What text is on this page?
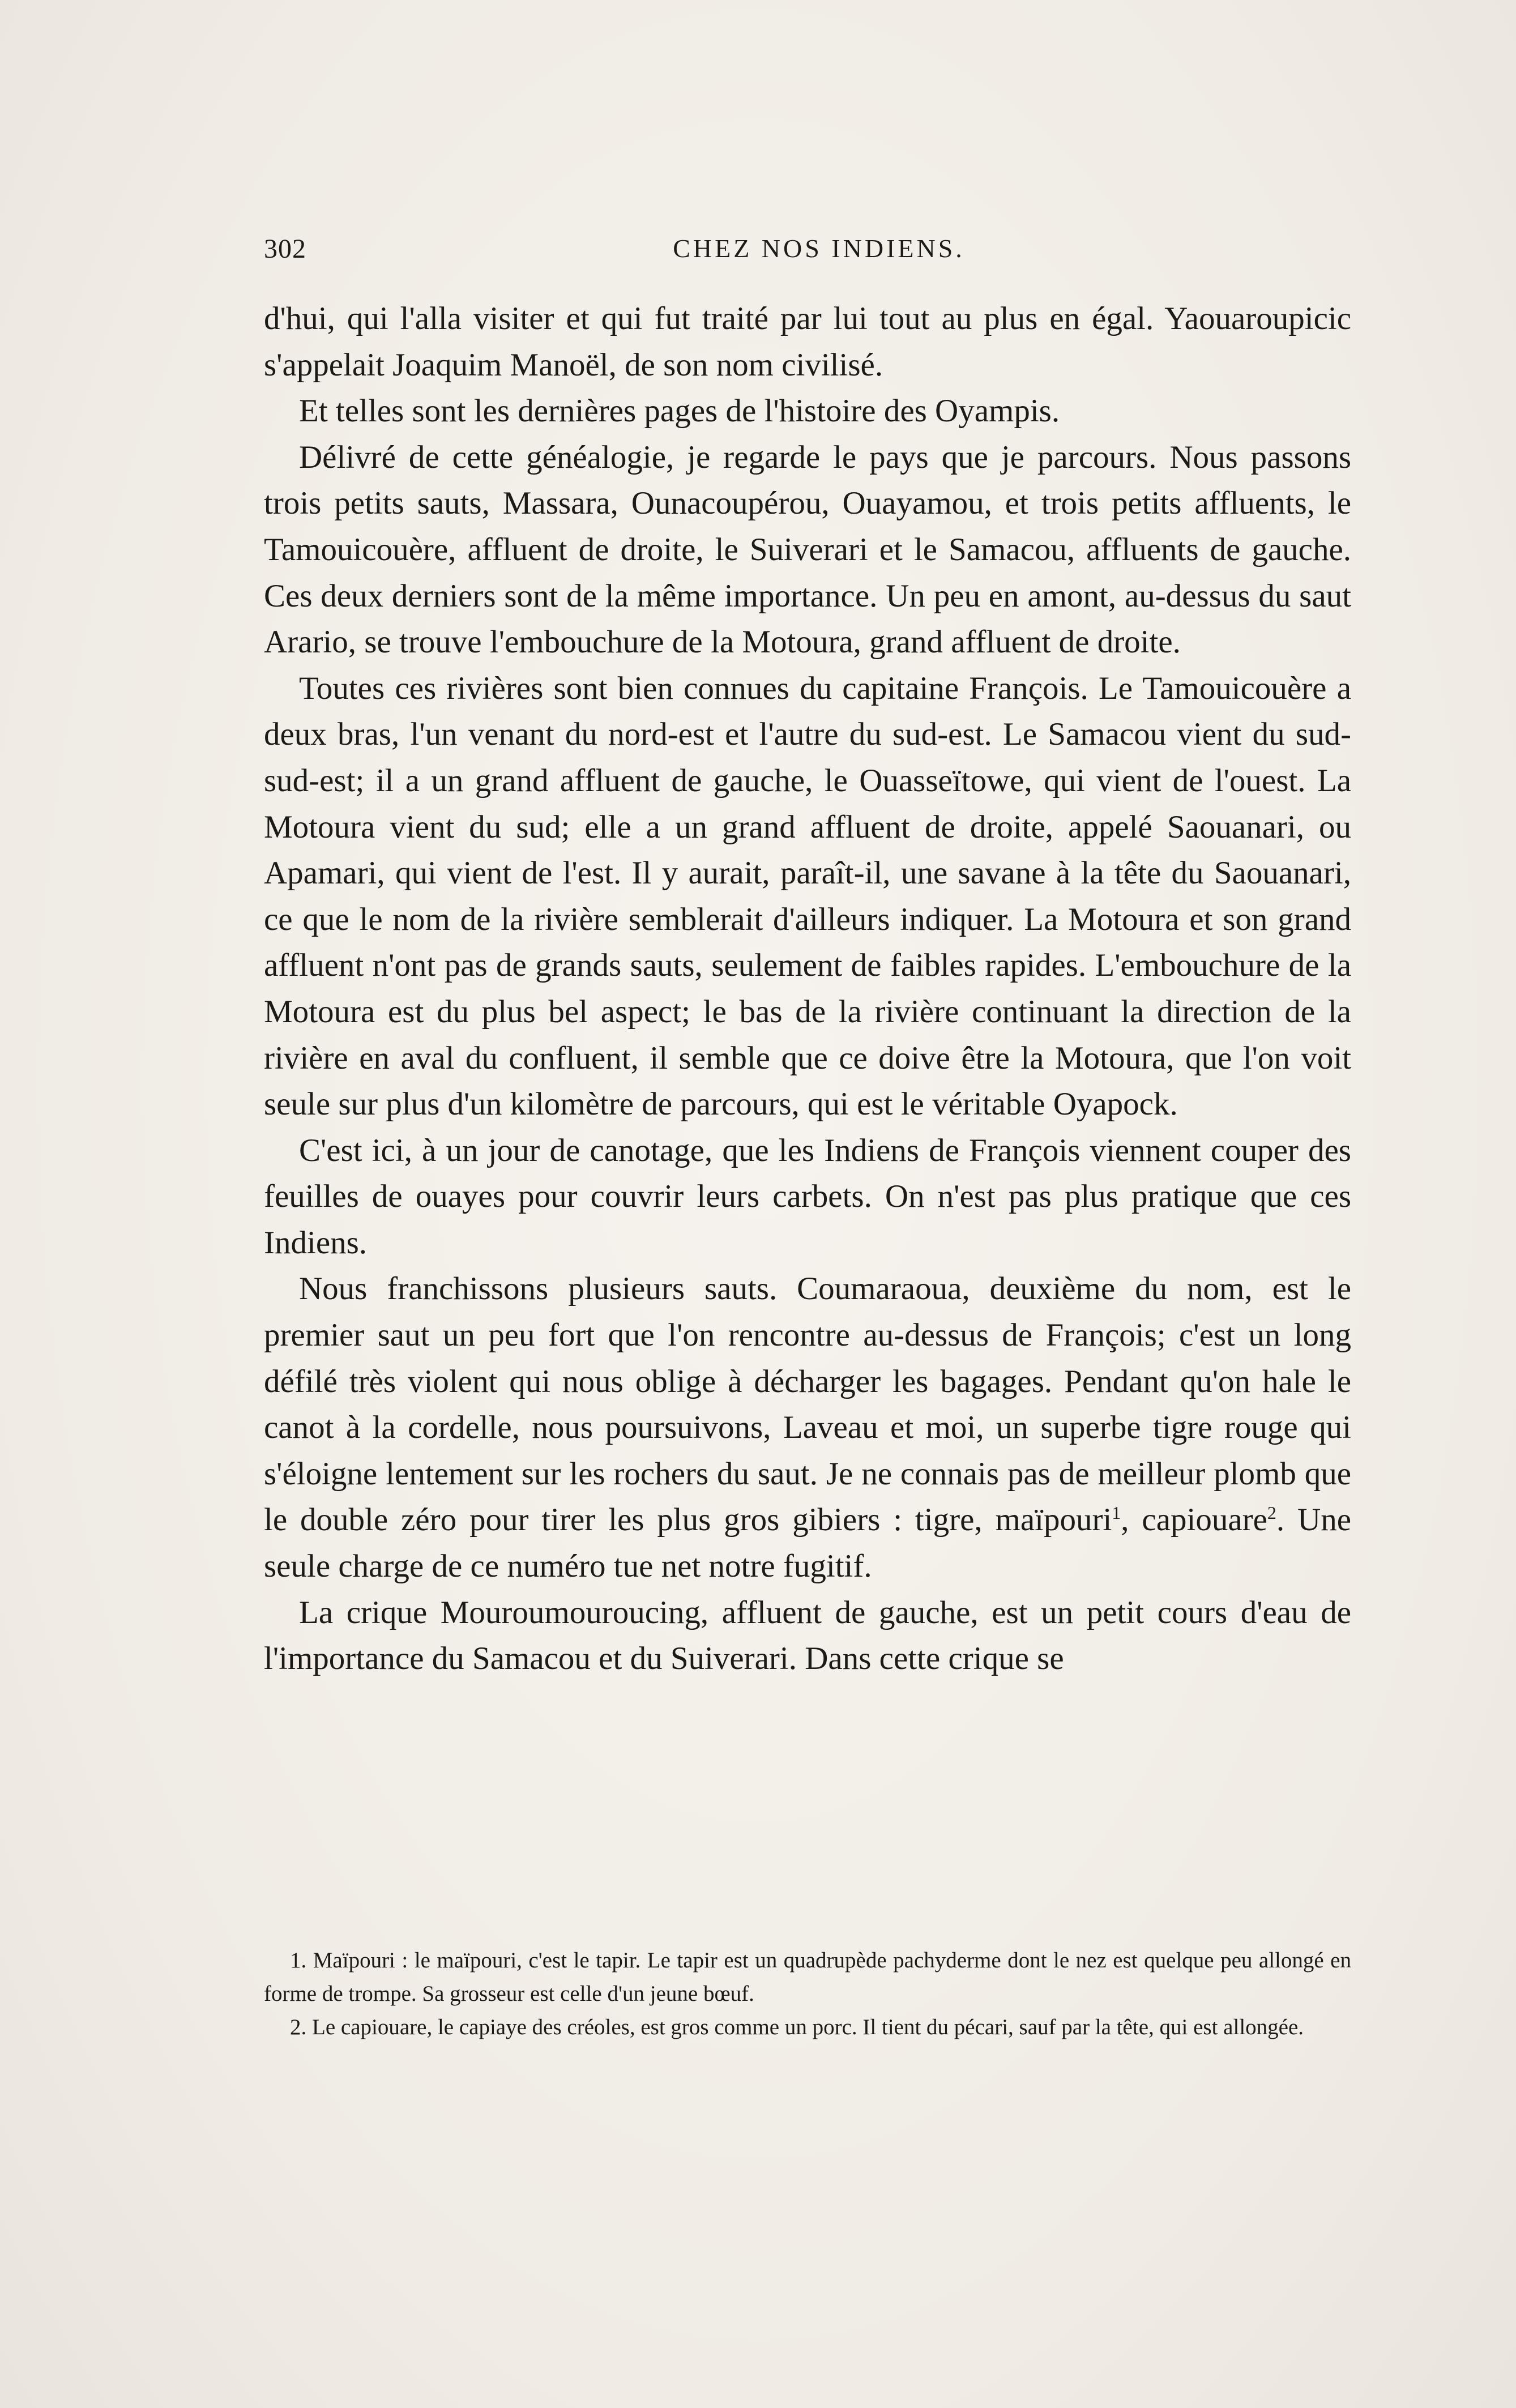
302	CHEZ NOS INDIENS.

d'hui, qui l'alla visiter et qui fut traité par lui tout au plus en égal. Yaouaroupicic s'appelait Joaquim Manoël, de son nom civilisé.

Et telles sont les dernières pages de l'histoire des Oyampis.

Délivré de cette généalogie, je regarde le pays que je parcours. Nous passons trois petits sauts, Massara, Ounacoupérou, Ouayamou, et trois petits affluents, le Tamouicouère, affluent de droite, le Suiverari et le Samacou, affluents de gauche. Ces deux derniers sont de la même importance. Un peu en amont, au-dessus du saut Arario, se trouve l'embouchure de la Motoura, grand affluent de droite.

Toutes ces rivières sont bien connues du capitaine François. Le Tamouicouère a deux bras, l'un venant du nord-est et l'autre du sud-est. Le Samacou vient du sud-sud-est; il a un grand affluent de gauche, le Ouasseïtowe, qui vient de l'ouest. La Motoura vient du sud; elle a un grand affluent de droite, appelé Saouanari, ou Apamari, qui vient de l'est. Il y aurait, paraît-il, une savane à la tête du Saouanari, ce que le nom de la rivière semblerait d'ailleurs indiquer. La Motoura et son grand affluent n'ont pas de grands sauts, seulement de faibles rapides. L'embouchure de la Motoura est du plus bel aspect; le bas de la rivière continuant la direction de la rivière en aval du confluent, il semble que ce doive être la Motoura, que l'on voit seule sur plus d'un kilomètre de parcours, qui est le véritable Oyapock.

C'est ici, à un jour de canotage, que les Indiens de François viennent couper des feuilles de ouayes pour couvrir leurs carbets. On n'est pas plus pratique que ces Indiens.

Nous franchissons plusieurs sauts. Coumaraoua, deuxième du nom, est le premier saut un peu fort que l'on rencontre au-dessus de François; c'est un long défilé très violent qui nous oblige à décharger les bagages. Pendant qu'on hale le canot à la cordelle, nous poursuivons, Laveau et moi, un superbe tigre rouge qui s'éloigne lentement sur les rochers du saut. Je ne connais pas de meilleur plomb que le double zéro pour tirer les plus gros gibiers : tigre, maïpouri$^1$, capiouare$^2$. Une seule charge de ce numéro tue net notre fugitif.

La crique Mouroumouroucing, affluent de gauche, est un petit cours d'eau de l'importance du Samacou et du Suiverari. Dans cette crique se

1. Maïpouri : le maïpouri, c'est le tapir. Le tapir est un quadrupède pachyderme dont le nez est quelque peu allongé en forme de trompe. Sa grosseur est celle d'un jeune bœuf.

2. Le capiouare, le capiaye des créoles, est gros comme un porc. Il tient du pécari, sauf par la tête, qui est allongée.
